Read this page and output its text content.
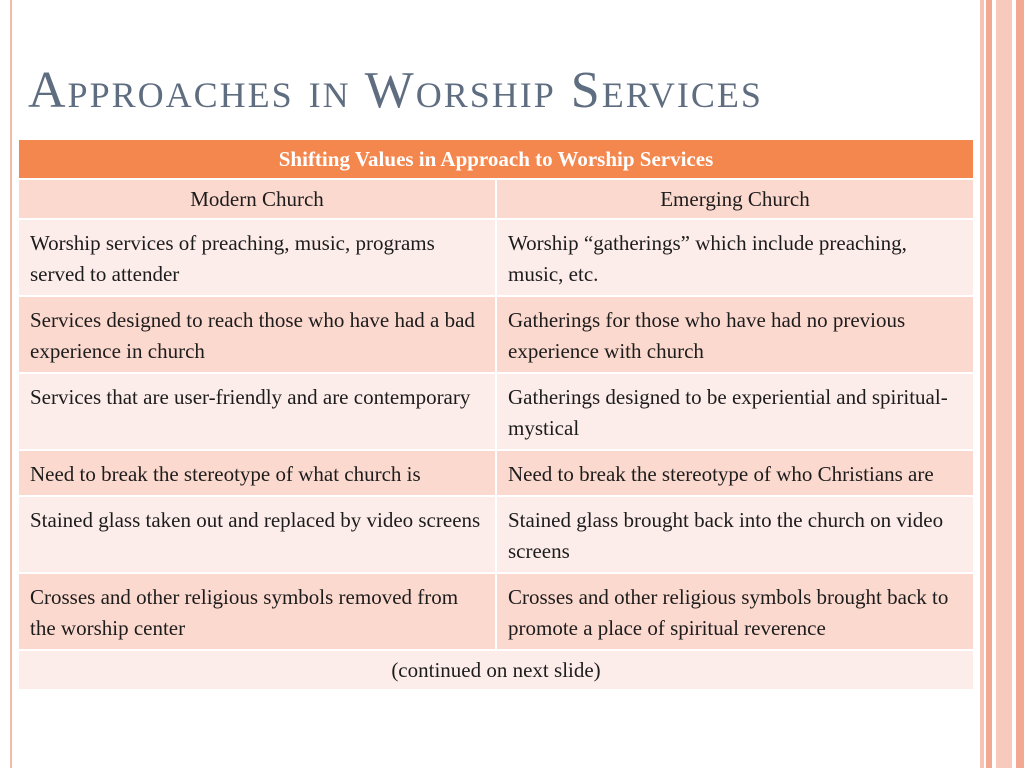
Approaches in Worship Services
Shifting Values in Approach to Worship Services	
Modern Church	Emerging Church
Worship services of preaching, music, programs served to attender	Worship “gatherings” which include preaching, music, etc.
Services designed to reach those who have had a bad experience in church	Gatherings for those who have had no previous experience with church
Services that are user-friendly and are contemporary	Gatherings designed to be experiential and spiritual-mystical
Need to break the stereotype of what church is	Need to break the stereotype of who Christians are
Stained glass taken out and replaced by video screens	Stained glass brought back into the church on video screens
Crosses and other religious symbols removed from the worship center	Crosses and other religious symbols brought back to promote a place of spiritual reverence
(continued on next slide)	
